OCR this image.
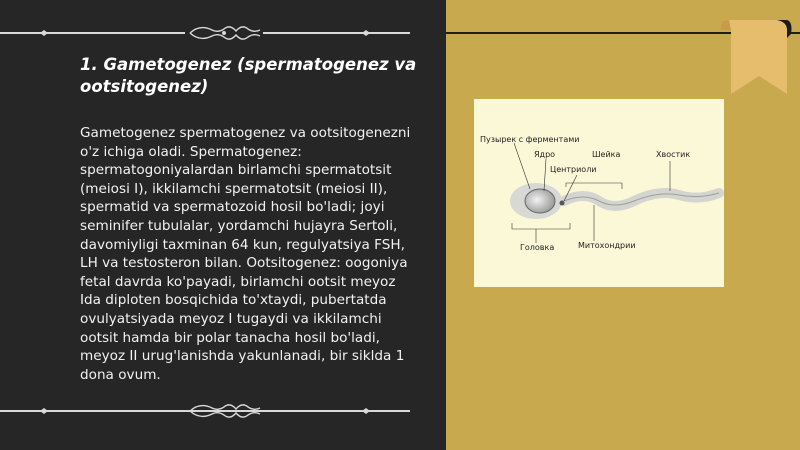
1. Gametogenez (spermatogenez va ootsitogenez)

Gametogenez spermatogenez va ootsitogenezni o'z ichiga oladi. Spermatogenez: spermatogoniyalardan birlamchi spermatotsit (meiosi I), ikkilamchi spermatotsit (meiosi II), spermatid va spermatozoid hosil bo'ladi; joyi seminifer tubulalar, yordamchi hujayra Sertoli, davomiyligi taxminan 64 kun, regulyatsiya FSH, LH va testosteron bilan. Ootsitogenez: oogoniya fetal davrda ko'payadi, birlamchi ootsit meyoz Ida diploten bosqichida to'xtaydi, pubertatda ovulyatsiyada meyoz I tugaydi va ikkilamchi ootsit hamda bir polar tanacha hosil bo'ladi, meyoz II urug'lanishda yakunlanadi, bir siklda 1 dona ovum.

Пузырек с ферментами
Ядро	Шейка	Хвостик
Центриоли
Головка	Митохондрии
